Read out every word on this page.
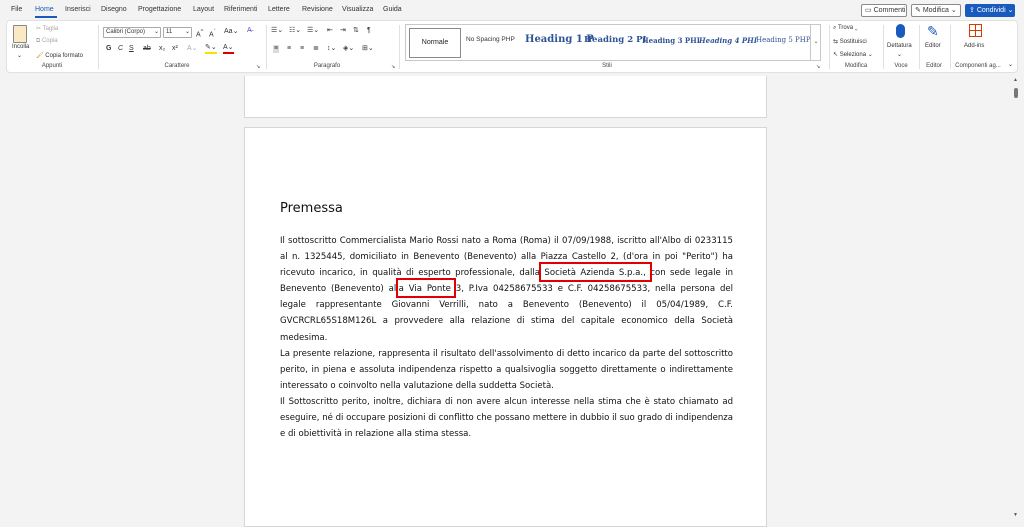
File Home Inserisci Disegno Progettazione Layout Riferimenti Lettere Revisione Visualizza Guida	▭ Commenti	✎ Modifica ⌄	⇪ Condividi ⌄
Incolla
⌄
✂ Taglia
⧉ Copia
🖌 Copia formato
Appunti
Calibri (Corpo) ⌄	11 ⌄ A^ $A^ˇ$ Aa⌄ A̶
G C S ab x₂ x² A⌄ ✎⌄ A⌄
Carattere	↘
☰⌄ ☷⌄ ☰⌄ ⇤ ⇥ ⇅ ¶
≡ ≡ ≡ ≣ ↕⌄ ◈⌄ ⊞⌄
Paragrafo	↘
Normale	No Spacing PHP Heading 1 P
Heading 2 PI
Heading 3 PHI
Heading 4 PHI
Heading 5 PHP ⌄
Stili	↘
⌕ Trova ⌄
⇆ Sostituisci
↖ Seleziona ⌄
Modifica
Dettatura
⌄
Voce
✎
Editor
Editor
Add-ins
Componenti ag...	⌄
Premessa

Il sottoscritto Commercialista Mario Rossi nato a Roma (Roma) il 07/09/1988, iscritto all'Albo di 0233115 al n. 1325445, domiciliato in Benevento (Benevento) alla Piazza Castello 2, (d'ora in poi "Perito") ha ricevuto incarico, in qualità di esperto professionale, dalla Società Azienda S.p.a., con sede legale in Benevento (Benevento) alla Via Ponte 3, P.Iva 04258675533 e C.F. 04258675533, nella persona del legale rappresentante Giovanni Verrilli, nato a Benevento (Benevento) il 05/04/1989, C.F. GVCRCRL65S18M126L a provvedere alla relazione di stima del capitale economico della Società medesima.

La presente relazione, rappresenta il risultato dell'assolvimento di detto incarico da parte del sottoscritto perito, in piena e assoluta indipendenza rispetto a qualsivoglia soggetto direttamente o indirettamente interessato o coinvolto nella valutazione della suddetta Società.

Il Sottoscritto perito, inoltre, dichiara di non avere alcun interesse nella stima che è stato chiamato ad eseguire, né di occupare posizioni di conflitto che possano mettere in dubbio il suo grado di indipendenza e di obiettività in relazione alla stima stessa.

▲
▼
